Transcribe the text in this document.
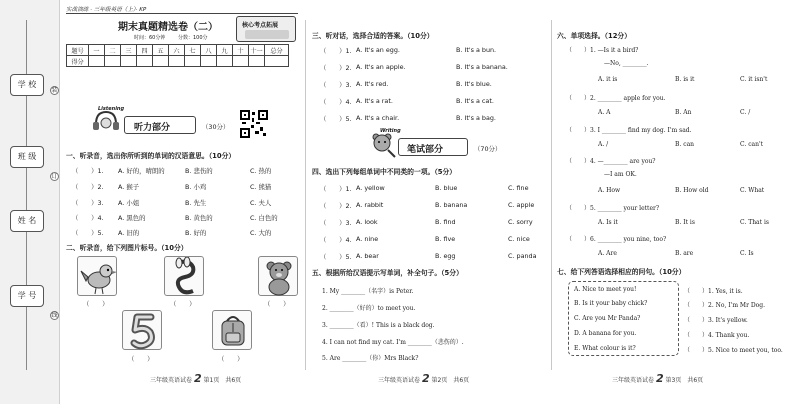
学 校
班 级
姓 名
学 号
装
订
线
实战演练 · 三年级英语（上）· KP
期末真题精选卷（二）	核心考点拓展
时间：60分钟	分数：100分
题号	一	二	三	四	五	六	七	八	九	十	十一	总分
得分												
Listening
听力部分	（30分）
一、听录音，选出你所听到的单词的汉语意思。（10分）
（　　）1. A. 好的，晴朗的	B. 悲伤的	C. 热的
（　　）2. A. 猴子	B. 小鸡	C. 熊猫
（　　）3. A. 小姐	B. 先生	C. 夫人
（　　）4. A. 黑色的	B. 黄色的	C. 白色的
（　　）5. A. 旧的	B. 好的	C. 大的
二、听录音，给下列图片标号。（10分）
（　　）	（　　）	（　　）
（　　）	（　　）
三年级英语试卷 2 第1页　共6页
三、听对话，选择合适的答案。（10分）
（　　）1. A. It's an egg.	B. It's a bun.
（　　）2. A. It's an apple.	B. It's a banana.
（　　）3. A. It's red.	B. It's blue.
（　　）4. A. It's a rat.	B. It's a cat.
（　　）5. A. It's a chair.	B. It's a bag.
Writing
笔试部分	（70分）
四、选出下列每组单词中不同类的一项。（5分）
（　　）1. A. yellow	B. blue	C. fine
（　　）2. A. rabbit	B. banana	C. apple
（　　）3. A. look	B. find	C. sorry
（　　）4. A. nine	B. five	C. nice
（　　）5. A. bear	B. egg	C. panda
五、根据所给汉语提示写单词，补全句子。（5分）
1. My ________（名字）is Peter.
2. ________（好的）to meet you.
3. ________（看）! This is a black dog.
4. I can not find my cat. I'm ________（悲伤的）.
5. Are ________（你）Mrs Black?
三年级英语试卷 2 第2页　共6页
六、单项选择。（12分）
（　　）1. —Is it a bird?
—No, ________.
A. it is	B. is it	C. it isn't
（　　）2. ________ apple for you.
A. A	B. An	C. /
（　　）3. I ________ find my dog. I'm sad.
A. /	B. can	C. can't
（　　）4. —________ are you?
—I am OK.
A. How	B. How old	C. What
（　　）5. ________ your letter?
A. Is it	B. It is	C. That is
（　　）6. ________ you nine, too?
A. Are	B. are	C. Is
七、给下列答语选择相应的问句。（10分）
A. Nice to meet you!
B. Is it your baby chick?
C. Are you Mr Panda?
D. A banana for you.
E. What colour is it?
（　　）1. Yes, it is.
（　　）2. No, I'm Mr Dog.
（　　）3. It's yellow.
（　　）4. Thank you.
（　　）5. Nice to meet you, too.
三年级英语试卷 2 第3页　共6页
